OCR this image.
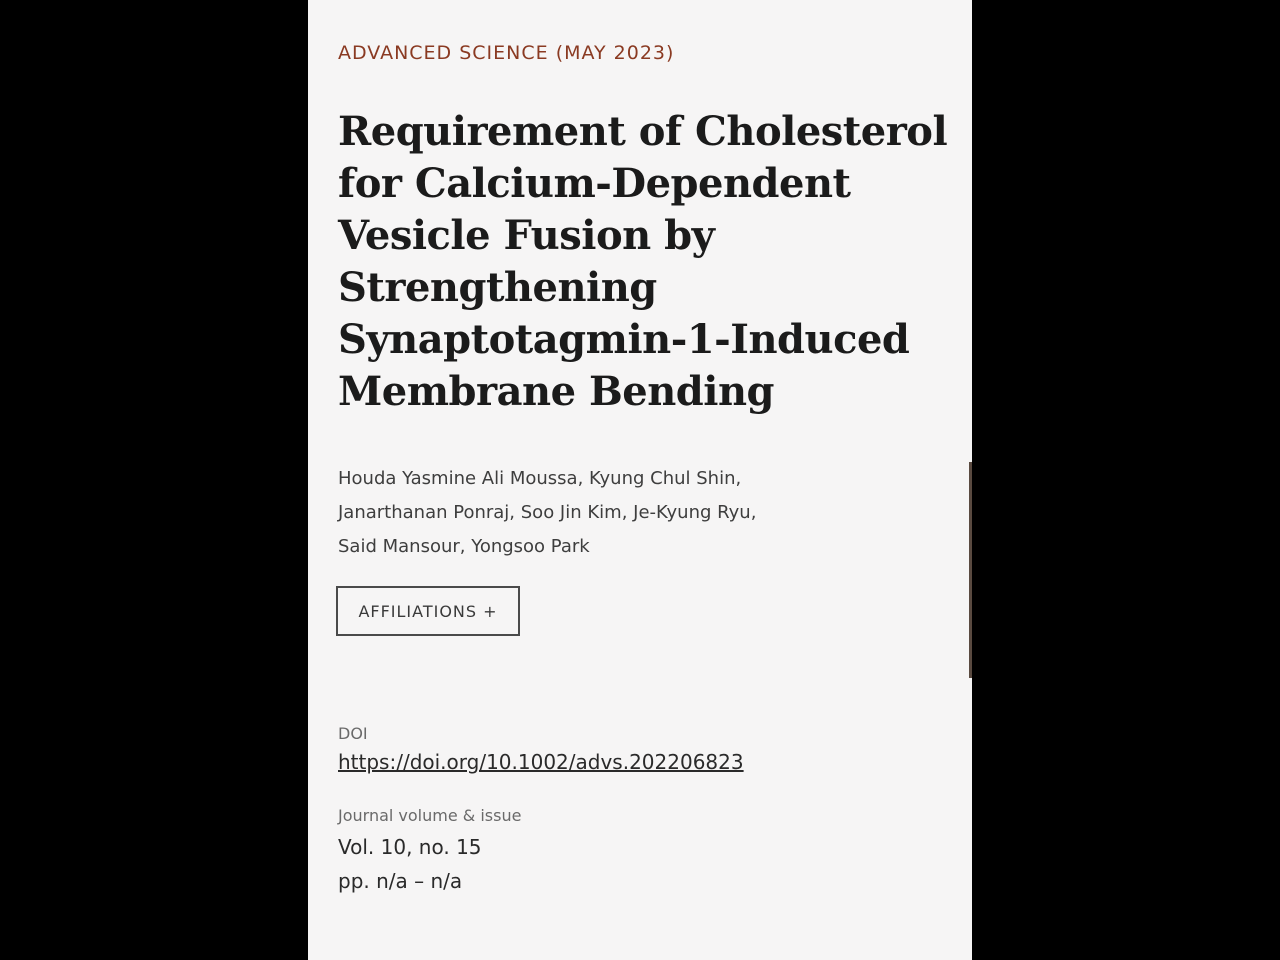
ADVANCED SCIENCE (MAY 2023)
Requirement of Cholesterol for Calcium-Dependent Vesicle Fusion by Strengthening Synaptotagmin-1-Induced Membrane Bending
Houda Yasmine Ali Moussa, Kyung Chul Shin,
Janarthanan Ponraj, Soo Jin Kim, Je-Kyung Ryu,
Said Mansour, Yongsoo Park
AFFILIATIONS +
DOI
https://doi.org/10.1002/advs.202206823
Journal volume & issue
Vol. 10, no. 15
pp. n/a – n/a
